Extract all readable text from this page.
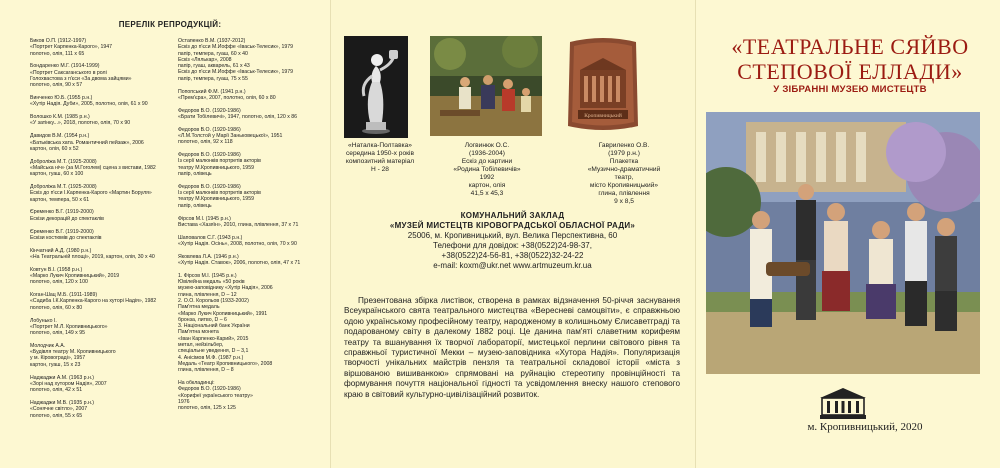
ПЕРЕЛІК РЕПРОДУКЦІЙ:
Биков О.П. (1912-1997)
«Портрет Карпенка-Карого», 1947
полотно, олія, 111 х 65
Бондаренко М.Г. (1914-1999)
«Портрет Саксаганського в ролі
Голохвастова з п'єси «За двома зайцями»
полотно, олія, 90 х 57
Винченко Ю.Б. (1955 р.н.)
«Хутір Надія. Дуби», 2005, полотно, олія, 61 х 90
Волошко К.М. (1985 р.н.)
«У затінку...», 2018, полотно, олія, 70 х 90
Давидов В.М. (1954 р.н.)
«Батьківська хата. Романтичний пейзаж», 2006
картон, олія, 60 х 52
Доброліжа М.Т. (1925-2008)
«Майська ніч» (за М.Гоголем) сцена з вистави, 1982
картон, гуаш, 60 х 100
Доброліжа М.Т. (1925-2008)
Ескіз до п'єси І.Карпенка-Карого «Мартин Боруля»
картон, темпера, 50 х 61
Єременко В.Г. (1919-2000)
Ескізи декорацій до спектаклів
Єременко В.Г. (1919-2000)
Ескізи костюмів до спектаклів
Кінчатний А.Д. (1980 р.н.)
«На Театральній площі», 2019, картон, олія, 30 х 40
Ковтун В.І. (1958 р.н.)
«Марко Лукич Кропивницький», 2019
полотно, олія, 120 х 100
Коган-Шац М.Б. (1911-1989)
«Садиба І.К.Карпенка-Карого на хуторі Надія», 1982
полотно, олія, 60 х 80
Лобунько І.
«Портрет М.Л. Кропивницького»
полотно, олія, 149 х 95
Молодчик А.А.
«Будівля театру М. Кропивницького
у м. Кіровограді», 1957
картон, гуаш, 15 х 23
Наджаджи А.М. (1963 р.н.)
«Зорі над хутором Надія», 2007
полотно, олія, 42 х 51
Наджаджи М.В. (1935 р.н.)
«Сонячне світло», 2007
полотно, олія, 55 х 65
Остапенко В.М. (1937-2012)
Ескіз до п'єси М.Иоффе «Іваськ-Телесик», 1979
папір, темпера, гуаш, 60 х 40
Ескіз «Лялькар», 2008
папір, гуаш, акварель, 61 х 43
Ескіз до п'єси М.Иоффе «Іваськ-Телесик», 1979
папір, темпера, гуаш, 75 х 55
Попопський Ф.М. (1941 р.н.)
«Прем'єра», 2007, полотно, олія, 60 х 80
Федоров В.О. (1920-1986)
«Брати Тобілевичі», 1947, полотно, олія, 120 х 86
Федоров В.О. (1920-1986)
«Л.М.Толстой у Марії Заньковецької», 1951
полотно, олія, 92 х 118
Федоров В.О. (1920-1986)
Із серії малюнків портретів акторів
театру М.Кропивницького, 1959
папір, олівець
Федоров В.О. (1920-1986)
Із серії малюнків портретів акторів
театру М.Кропивницького, 1959
папір, олівець
Фірсов М.І. (1945 р.н.)
Вистава «Хазяїн», 2010, глина, плівлення, 37 х 71
Шаповалов С.Г. (1943 р.н.)
«Хутір Надія. Осінь», 2008, полотно, олія, 70 х 90
Яковлева Л.А. (1946 р.н.)
«Хутір Надія. Ставок», 2006, полотно, олія, 47 х 71
1. Фірсов М.І. (1945 р.н.)
Ювілейна медаль «50 років
музею-заповіднику «Хутір Надія», 2006
глина, плівлення, D – 12
2. О.О. Корольов (1933-2002)
Пам'ятна медаль
«Марко Лукич Кропивницький», 1991
бронза, литво, D – 6
3. Національний банк України
Пам'ятна монета
«Іван Карпенко-Карий», 2015
метал, нейзільбер,
спеціальне уведення, D – 3,1
4. Анісімов М.Ф. (1987 р.н.)
Медаль «Театр Кропивницького», 2008
глина, плівлення, D – 8
На обкладинці:
Федоров В.О. (1920-1986)
«Корифеї українського театру»
1976
полотно, олія, 125 х 125
Кропивницький
«Наталка-Полтавка»
середина 1950-х років
композитний матеріал
Н - 28
Логвинюк О.С.
(1936-2004)
Ескіз до картини
«Родина Тобілевичів»
1992
картон, олія
41,5 х 45,3
Гавриленко О.В.
(1979 р.н.)
Плакетка
«Музично-драматичний
театр,
місто Кропивницький»
глина, плівлення
9 х 8,5
КОМУНАЛЬНИЙ ЗАКЛАД
«МУЗЕЙ МИСТЕЦТВ КІРОВОГРАДСЬКОЇ ОБЛАСНОЇ РАДИ»
25006, м. Кропивницький, вул. Велика Перспективна, 60
Телефони для довідок: +38(0522)24-98-37,
+38(0522)24-56-81, +38(0522)32-24-22
e-mail: koxm@ukr.net www.artmuzeum.kr.ua
Презентована збірка листівок, створена в рамках відзначення 50-річчя заснування Всеукраїнського свята театрального мистецтва «Вересневі самоцвіти», є справжньою одою українському професійному театру, народженому в колишньому Єлисаветграді та подарованому світу в далекому 1882 році. Це данина пам'яті славетним корифеям театру та вшанування їх творчої лабораторії, мистецької перлини світового рівня та справжньої туристичної Мекки – музею-заповідника «Хутора Надія». Популяризація творчості унікальних майстрів пензля та театральної складової історії «міста з віршованою вишиванкою» спрямовані на руйнацію стереотипу провінційності та формування почуття національної гідності та усвідомлення внеску нашого степового краю в світовий культурно-цивілізаційний розвиток.
«ТЕАТРАЛЬНЕ СЯЙВО
СТЕПОВОЇ ЕЛЛАДИ»
У ЗІБРАННІ МУЗЕЮ МИСТЕЦТВ
м. Кропивницький, 2020
